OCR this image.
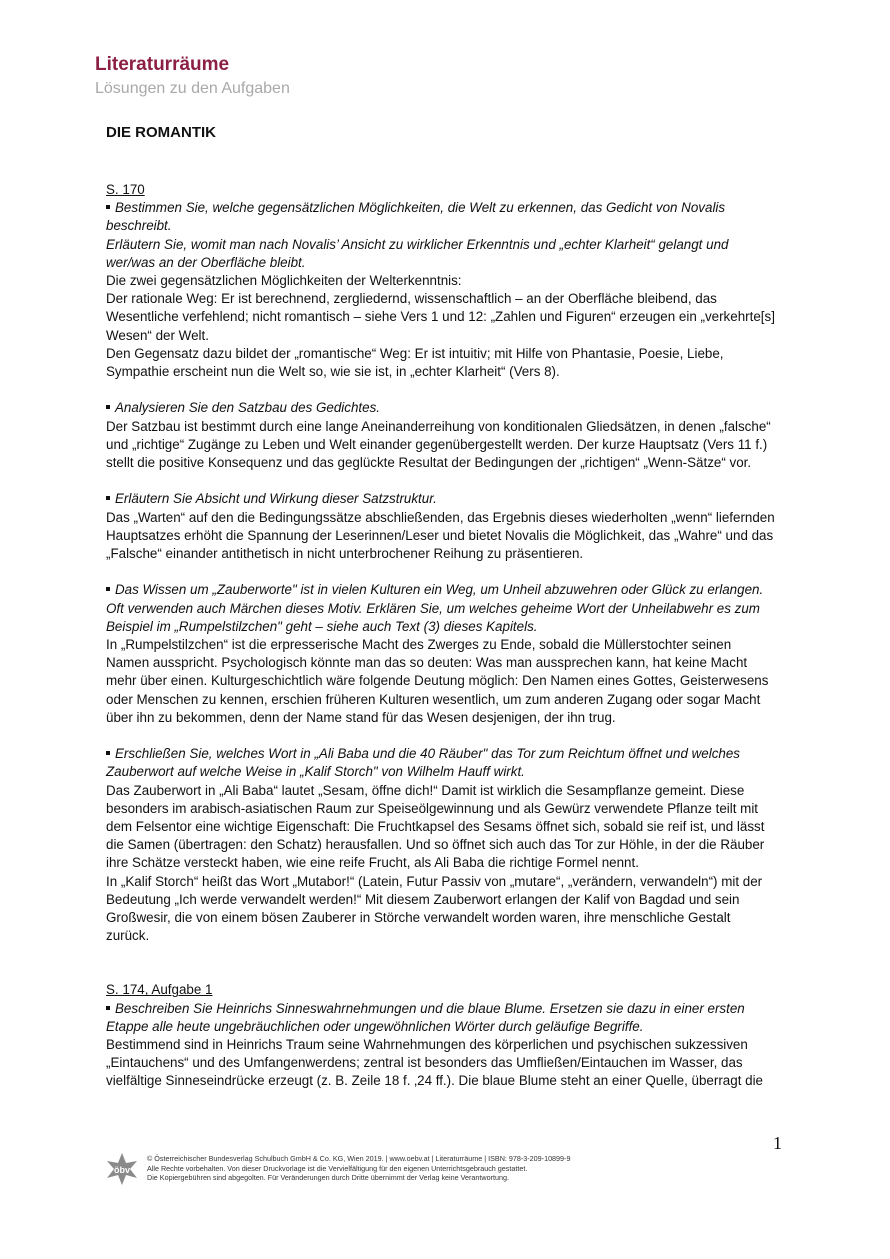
Literaturräume
Lösungen zu den Aufgaben
DIE ROMANTIK
S. 170
Bestimmen Sie, welche gegensätzlichen Möglichkeiten, die Welt zu erkennen, das Gedicht von Novalis beschreibt.
Erläutern Sie, womit man nach Novalis’ Ansicht zu wirklicher Erkenntnis und „echter Klarheit“ gelangt und wer/was an der Oberfläche bleibt.
Die zwei gegensätzlichen Möglichkeiten der Welterkenntnis:
Der rationale Weg: Er ist berechnend, zergliedernd, wissenschaftlich – an der Oberfläche bleibend, das Wesentliche verfehlend; nicht romantisch – siehe Vers 1 und 12: „Zahlen und Figuren“ erzeugen ein „verkehrte[s] Wesen“ der Welt.
Den Gegensatz dazu bildet der „romantische“ Weg: Er ist intuitiv; mit Hilfe von Phantasie, Poesie, Liebe, Sympathie erscheint nun die Welt so, wie sie ist, in „echter Klarheit“ (Vers 8).
Analysieren Sie den Satzbau des Gedichtes.
Der Satzbau ist bestimmt durch eine lange Aneinanderreihung von konditionalen Gliedsätzen, in denen „falsche“ und „richtige“ Zugänge zu Leben und Welt einander gegenübergestellt werden. Der kurze Hauptsatz (Vers 11 f.) stellt die positive Konsequenz und das geglückte Resultat der Bedingungen der „richtigen“ „Wenn-Sätze“ vor.
Erläutern Sie Absicht und Wirkung dieser Satzstruktur.
Das „Warten“ auf den die Bedingungssätze abschließenden, das Ergebnis dieses wiederholten „wenn“ liefernden Hauptsatzes erhöht die Spannung der Leserinnen/Leser und bietet Novalis die Möglichkeit, das „Wahre“ und das „Falsche“ einander antithetisch in nicht unterbrochener Reihung zu präsentieren.
Das Wissen um „Zauberworte" ist in vielen Kulturen ein Weg, um Unheil abzuwehren oder Glück zu erlangen. Oft verwenden auch Märchen dieses Motiv. Erklären Sie, um welches geheime Wort der Unheilabwehr es zum Beispiel im „Rumpelstilzchen" geht – siehe auch Text (3) dieses Kapitels.
In „Rumpelstilzchen“ ist die erpresserische Macht des Zwerges zu Ende, sobald die Müllerstochter seinen Namen ausspricht. Psychologisch könnte man das so deuten: Was man aussprechen kann, hat keine Macht mehr über einen. Kulturgeschichtlich wäre folgende Deutung möglich: Den Namen eines Gottes, Geisterwesens oder Menschen zu kennen, erschien früheren Kulturen wesentlich, um zum anderen Zugang oder sogar Macht über ihn zu bekommen, denn der Name stand für das Wesen desjenigen, der ihn trug.
Erschließen Sie, welches Wort in „Ali Baba und die 40 Räuber" das Tor zum Reichtum öffnet und welches Zauberwort auf welche Weise in „Kalif Storch" von Wilhelm Hauff wirkt.
Das Zauberwort in „Ali Baba“ lautet „Sesam, öffne dich!“ Damit ist wirklich die Sesampflanze gemeint. Diese besonders im arabisch-asiatischen Raum zur Speiseölgewinnung und als Gewürz verwendete Pflanze teilt mit dem Felsentor eine wichtige Eigenschaft: Die Fruchtkapsel des Sesams öffnet sich, sobald sie reif ist, und lässt die Samen (übertragen: den Schatz) herausfallen. Und so öffnet sich auch das Tor zur Höhle, in der die Räuber ihre Schätze versteckt haben, wie eine reife Frucht, als Ali Baba die richtige Formel nennt.
In „Kalif Storch“ heißt das Wort „Mutabor!“ (Latein, Futur Passiv von „mutare“, „verändern, verwandeln“) mit der Bedeutung „Ich werde verwandelt werden!“ Mit diesem Zauberwort erlangen der Kalif von Bagdad und sein Großwesir, die von einem bösen Zauberer in Störche verwandelt worden waren, ihre menschliche Gestalt zurück.
S. 174, Aufgabe 1
Beschreiben Sie Heinrichs Sinneswahrnehmungen und die blaue Blume. Ersetzen sie dazu in einer ersten Etappe alle heute ungebräuchlichen oder ungewöhnlichen Wörter durch geläufige Begriffe.
Bestimmend sind in Heinrichs Traum seine Wahrnehmungen des körperlichen und psychischen sukzessiven „Eintauchens“ und des Umfangenwerdens; zentral ist besonders das Umfließen/Eintauchen im Wasser, das vielfältige Sinneseindrücke erzeugt (z. B. Zeile 18 f. ‚24 ff.). Die blaue Blume steht an einer Quelle, überragt die
1
öbv
© Österreichischer Bundesverlag Schulbuch GmbH & Co. KG, Wien 2019. | www.oebv.at | Literaturräume | ISBN: 978-3-209-10899-9
Alle Rechte vorbehalten. Von dieser Druckvorlage ist die Vervielfältigung für den eigenen Unterrichtsgebrauch gestattet.
Die Kopiergebühren sind abgegolten. Für Veränderungen durch Dritte übernimmt der Verlag keine Verantwortung.
